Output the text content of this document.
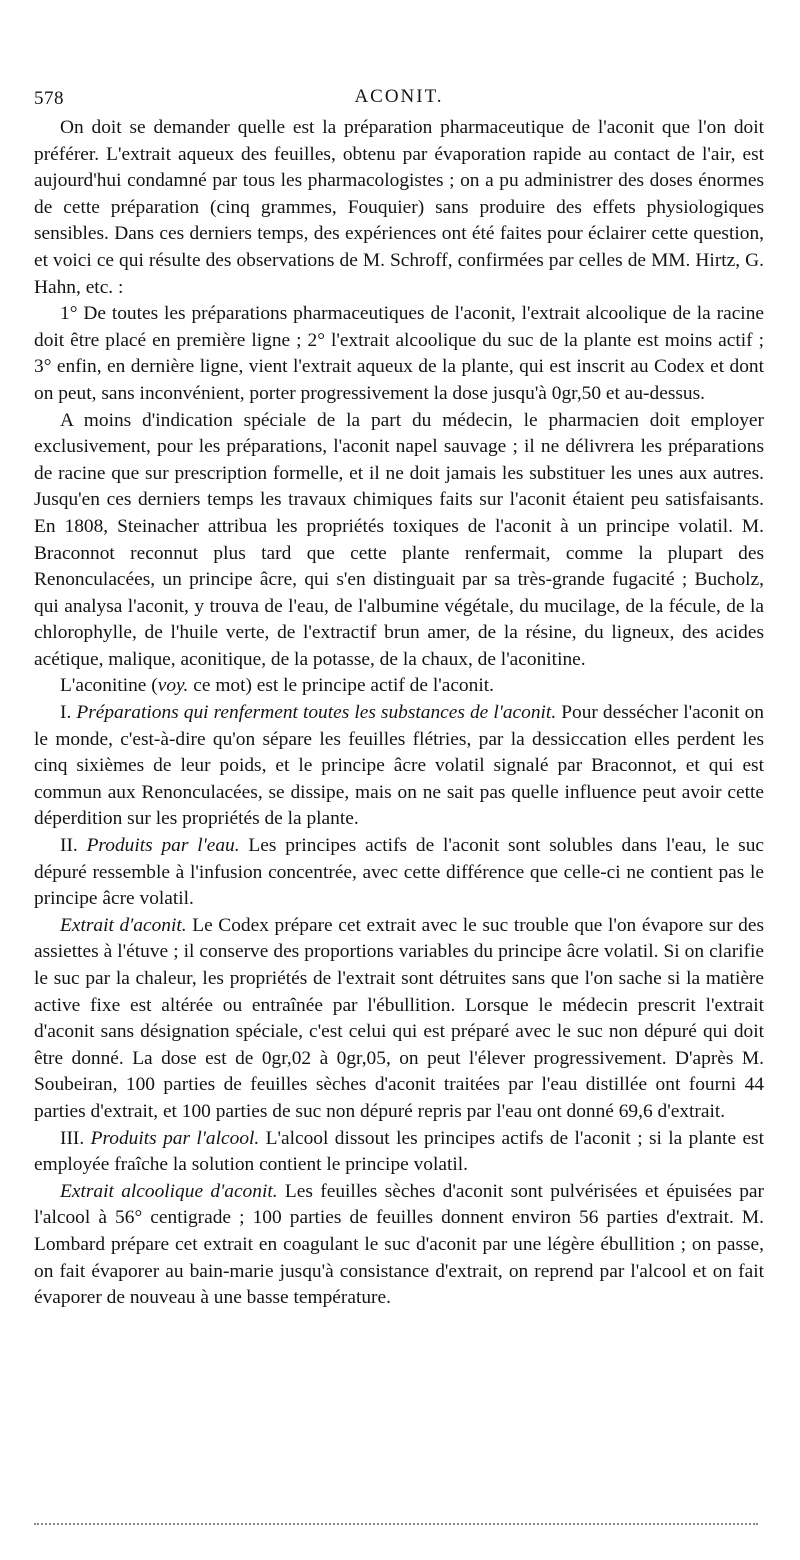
578	ACONIT.

On doit se demander quelle est la préparation pharmaceutique de l'aconit que l'on doit préférer. L'extrait aqueux des feuilles, obtenu par évaporation rapide au contact de l'air, est aujourd'hui condamné par tous les pharmacologistes ; on a pu administrer des doses énormes de cette préparation (cinq grammes, Fouquier) sans produire des effets physiologiques sensibles. Dans ces derniers temps, des expériences ont été faites pour éclairer cette question, et voici ce qui résulte des observations de M. Schroff, confirmées par celles de MM. Hirtz, G. Hahn, etc. :

1° De toutes les préparations pharmaceutiques de l'aconit, l'extrait alcoolique de la racine doit être placé en première ligne ; 2° l'extrait alcoolique du suc de la plante est moins actif ; 3° enfin, en dernière ligne, vient l'extrait aqueux de la plante, qui est inscrit au Codex et dont on peut, sans inconvénient, porter progressivement la dose jusqu'à 0gr,50 et au-dessus.

A moins d'indication spéciale de la part du médecin, le pharmacien doit employer exclusivement, pour les préparations, l'aconit napel sauvage ; il ne délivrera les préparations de racine que sur prescription formelle, et il ne doit jamais les substituer les unes aux autres. Jusqu'en ces derniers temps les travaux chimiques faits sur l'aconit étaient peu satisfaisants. En 1808, Steinacher attribua les propriétés toxiques de l'aconit à un principe volatil. M. Braconnot reconnut plus tard que cette plante renfermait, comme la plupart des Renonculacées, un principe âcre, qui s'en distinguait par sa très-grande fugacité ; Bucholz, qui analysa l'aconit, y trouva de l'eau, de l'albumine végétale, du mucilage, de la fécule, de la chlorophylle, de l'huile verte, de l'extractif brun amer, de la résine, du ligneux, des acides acétique, malique, aconitique, de la potasse, de la chaux, de l'aconitine.

L'aconitine (voy. ce mot) est le principe actif de l'aconit.

I. Préparations qui renferment toutes les substances de l'aconit. Pour dessécher l'aconit on le monde, c'est-à-dire qu'on sépare les feuilles flétries, par la dessiccation elles perdent les cinq sixièmes de leur poids, et le principe âcre volatil signalé par Braconnot, et qui est commun aux Renonculacées, se dissipe, mais on ne sait pas quelle influence peut avoir cette déperdition sur les propriétés de la plante.

II. Produits par l'eau. Les principes actifs de l'aconit sont solubles dans l'eau, le suc dépuré ressemble à l'infusion concentrée, avec cette différence que celle-ci ne contient pas le principe âcre volatil.

Extrait d'aconit. Le Codex prépare cet extrait avec le suc trouble que l'on évapore sur des assiettes à l'étuve ; il conserve des proportions variables du principe âcre volatil. Si on clarifie le suc par la chaleur, les propriétés de l'extrait sont détruites sans que l'on sache si la matière active fixe est altérée ou entraînée par l'ébullition. Lorsque le médecin prescrit l'extrait d'aconit sans désignation spéciale, c'est celui qui est préparé avec le suc non dépuré qui doit être donné. La dose est de 0gr,02 à 0gr,05, on peut l'élever progressivement. D'après M. Soubeiran, 100 parties de feuilles sèches d'aconit traitées par l'eau distillée ont fourni 44 parties d'extrait, et 100 parties de suc non dépuré repris par l'eau ont donné 69,6 d'extrait.

III. Produits par l'alcool. L'alcool dissout les principes actifs de l'aconit ; si la plante est employée fraîche la solution contient le principe volatil.

Extrait alcoolique d'aconit. Les feuilles sèches d'aconit sont pulvérisées et épuisées par l'alcool à 56° centigrade ; 100 parties de feuilles donnent environ 56 parties d'extrait. M. Lombard prépare cet extrait en coagulant le suc d'aconit par une légère ébullition ; on passe, on fait évaporer au bain-marie jusqu'à consistance d'extrait, on reprend par l'alcool et on fait évaporer de nouveau à une basse température.
